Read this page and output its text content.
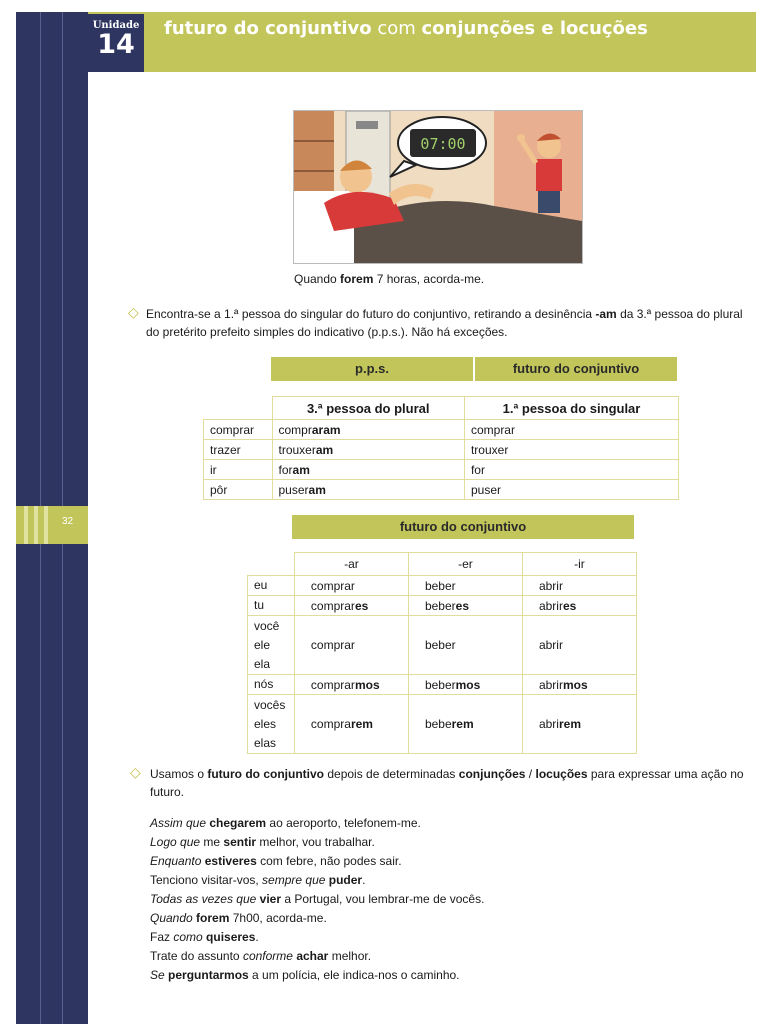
Unidade
14
futuro do conjuntivo com conjunções e locuções
32
07:00
Quando forem 7 horas, acorda-me.
◇ Encontra-se a 1.ª pessoa do singular do futuro do conjuntivo, retirando a desinência -am da 3.ª pessoa do plural do pretérito prefeito simples do indicativo (p.p.s.). Não há exceções.
p.p.s.	futuro do conjuntivo
	3.ª pessoa do plural	1.ª pessoa do singular
comprar	compraram	comprar
trazer	trouxeram	trouxer
ir	foram	for
pôr	puseram	puser
futuro do conjuntivo
	-ar	-er	-ir

eu	comprar	beber	abrir

tu	comprares	beberes	abrires

você
ele
ela	comprar	beber	abrir

nós	comprarmos	bebermos	abrirmos

vocês
eles
elas	comprarem	beberem	abrirem
◇ Usamos o futuro do conjuntivo depois de determinadas conjunções / locuções para expressar uma ação no futuro.
Assim que chegarem ao aeroporto, telefonem-me.
Logo que me sentir melhor, vou trabalhar.
Enquanto estiveres com febre, não podes sair.
Tenciono visitar-vos, sempre que puder.
Todas as vezes que vier a Portugal, vou lembrar-me de vocês.
Quando forem 7h00, acorda-me.
Faz como quiseres.
Trate do assunto conforme achar melhor.
Se perguntarmos a um polícia, ele indica-nos o caminho.
